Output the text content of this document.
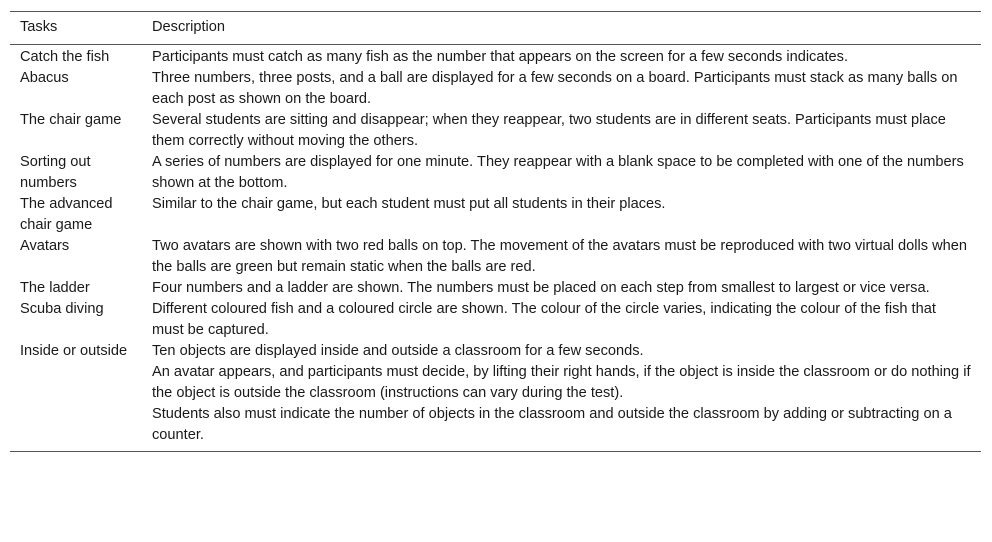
Tasks	Description
Catch the fish	Participants must catch as many fish as the number that appears on the screen for a few seconds indicates.

Abacus	Three numbers, three posts, and a ball are displayed for a few seconds on a board. Participants must stack as many balls on each post as shown on the board.

The chair game	Several students are sitting and disappear; when they reappear, two students are in different seats. Participants must place them correctly without moving the others.

Sorting out numbers	A series of numbers are displayed for one minute. They reappear with a blank space to be completed with one of the numbers shown at the bottom.

The advanced chair game	Similar to the chair game, but each student must put all students in their places.

Avatars	Two avatars are shown with two red balls on top. The movement of the avatars must be reproduced with two virtual dolls when the balls are green but remain static when the balls are red.

The ladder	Four numbers and a ladder are shown. The numbers must be placed on each step from smallest to largest or vice versa.

Scuba diving	Different coloured fish and a coloured circle are shown. The colour of the circle varies, indicating the colour of the fish that must be captured.

Inside or outside	Ten objects are displayed inside and outside a classroom for a few seconds.
An avatar appears, and participants must decide, by lifting their right hands, if the object is inside the classroom or do nothing if the object is outside the classroom (instructions can vary during the test).
Students also must indicate the number of objects in the classroom and outside the classroom by adding or subtracting on a counter.
